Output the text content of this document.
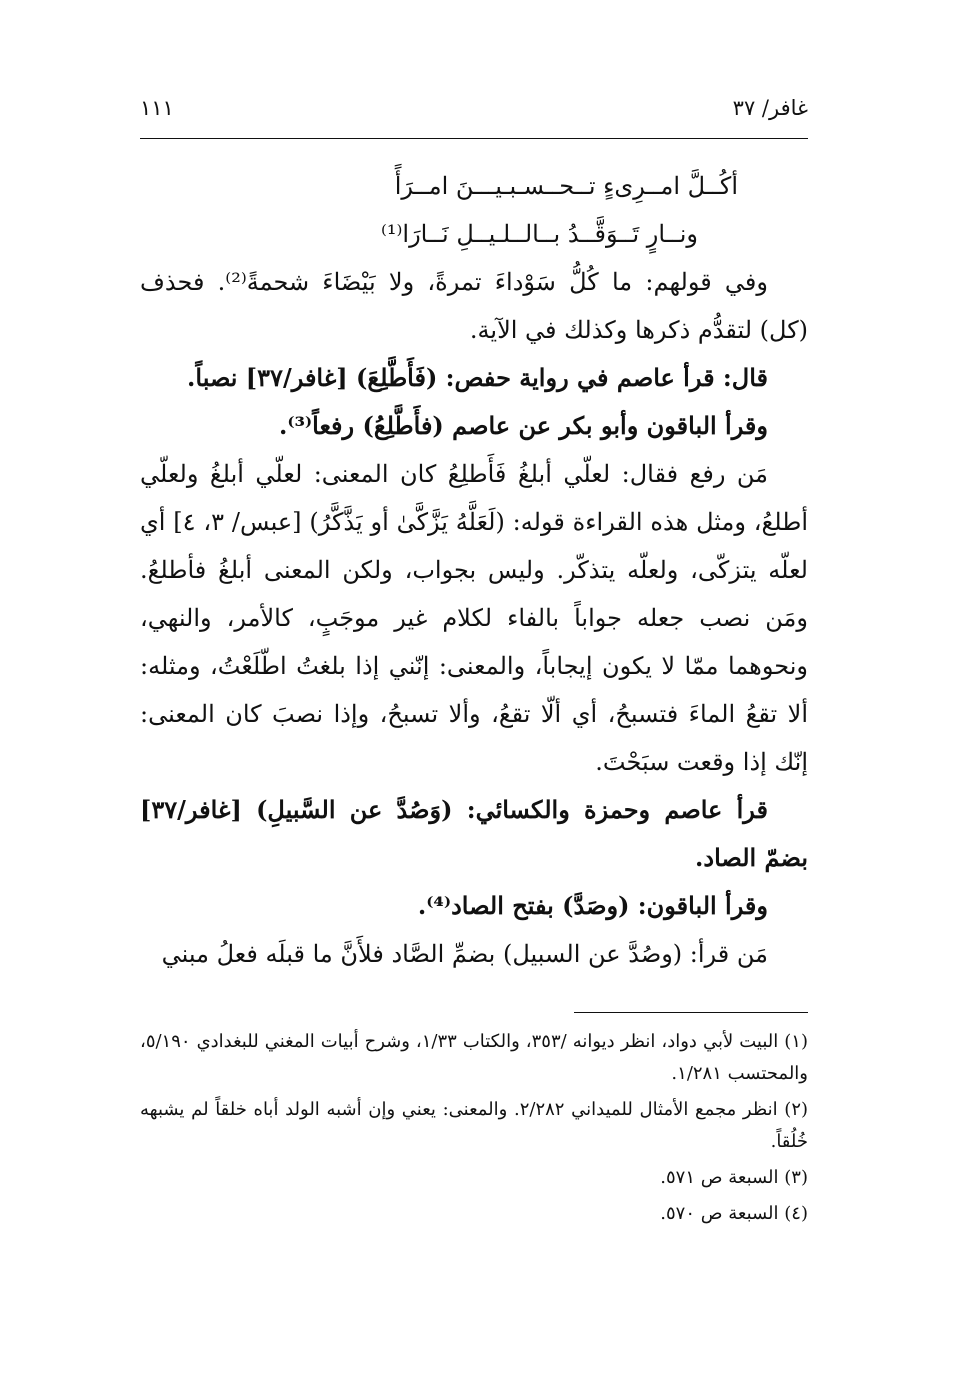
غافر/ ٣٧
١١١
أكُــلَّ امــرِىءٍ تــحــسـبـيـــنَ امــرَأً
ونــارٍ تَــوَقَّــدُ بــالــلـيــلِ نَــارَا⁽¹⁾
وفي قولهم: ما كُلُّ سَوْداءَ تمرةً، ولا بَيْضَاءَ شحمةً⁽²⁾. فحذف (كل) لتقدُّم ذكرها وكذلك في الآية.
قال: قرأ عاصم في رواية حفص: (فَأَطَّلِعَ) [غافر/٣٧] نصباً.
وقرأ الباقون وأبو بكر عن عاصم (فأَطَّلِعُ) رفعاً⁽³⁾.
مَن رفع فقال: لعلّي أبلغُ فَأَطلِعُ كان المعنى: لعلّي أبلغُ ولعلّي أطلعُ، ومثل هذه القراءة قوله: (لَعَلَّهُ يَزَّكَّىٰ أو يَذَّكَّرُ) [عبس/ ٣، ٤] أي لعلّه يتزكّى، ولعلّه يتذكّر. وليس بجواب، ولكن المعنى أبلغُ فأطلعُ. ومَن نصب جعله جواباً بالفاء لكلام غير موجَبٍ، كالأمر، والنهي، ونحوهما ممّا لا يكون إيجاباً، والمعنى: إنّني إذا بلغتُ اطّلَعْتُ، ومثله: ألا تقعُ الماءَ فتسبحُ، أي ألّا تقعُ، وألا تسبحُ، وإذا نصبَ كان المعنى: إنّك إذا وقعت سبَحْتَ.
قرأ عاصم وحمزة والكسائي: (وَصُدَّ عن السَّبيلِ) [غافر/٣٧] بضمّ الصاد.
وقرأ الباقون: (وصَدَّ) بفتح الصاد⁽⁴⁾.
مَن قرأ: (وصُدَّ عن السبيل) بضمِّ الصَّاد فلأَنَّ ما قبلَه فعلُ مبني
(١) البيت لأبي دواد، انظر ديوانه /٣٥٣، والكتاب ١/٣٣، وشرح أبيات المغني للبغدادي ٥/١٩٠، والمحتسب ١/٢٨١.
(٢) انظر مجمع الأمثال للميداني ٢/٢٨٢. والمعنى: يعني وإن أشبه الولد أباه خلقاً لم يشبهه خُلُقاً.
(٣) السبعة ص ٥٧١.
(٤) السبعة ص ٥٧٠.
